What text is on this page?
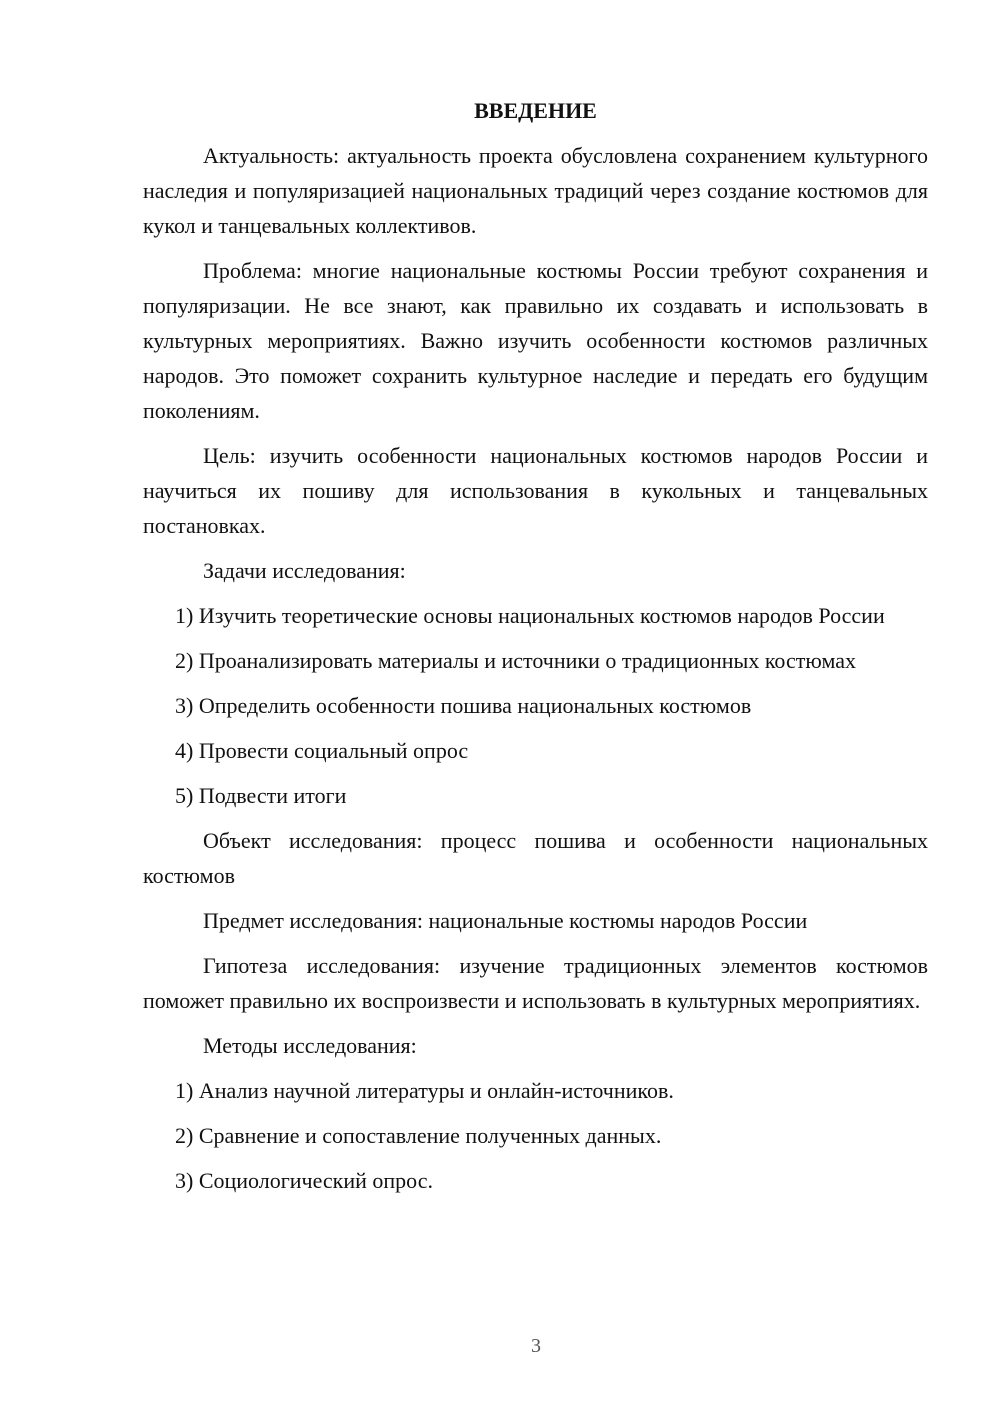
ВВЕДЕНИЕ

Актуальность: актуальность проекта обусловлена сохранением культурного наследия и популяризацией национальных традиций через создание костюмов для кукол и танцевальных коллективов.

Проблема: многие национальные костюмы России требуют сохранения и популяризации. Не все знают, как правильно их создавать и использовать в культурных мероприятиях. Важно изучить особенности костюмов различных народов. Это поможет сохранить культурное наследие и передать его будущим поколениям.

Цель: изучить особенности национальных костюмов народов России и научиться их пошиву для использования в кукольных и танцевальных постановках.

Задачи исследования:

1) Изучить теоретические основы национальных костюмов народов России

2) Проанализировать материалы и источники о традиционных костюмах

3) Определить особенности пошива национальных костюмов

4) Провести социальный опрос

5) Подвести итоги

Объект исследования: процесс пошива и особенности национальных костюмов

Предмет исследования: национальные костюмы народов России

Гипотеза исследования: изучение традиционных элементов костюмов поможет правильно их воспроизвести и использовать в культурных мероприятиях.

Методы исследования:

1) Анализ научной литературы и онлайн-источников.

2) Сравнение и сопоставление полученных данных.

3) Социологический опрос.

3
